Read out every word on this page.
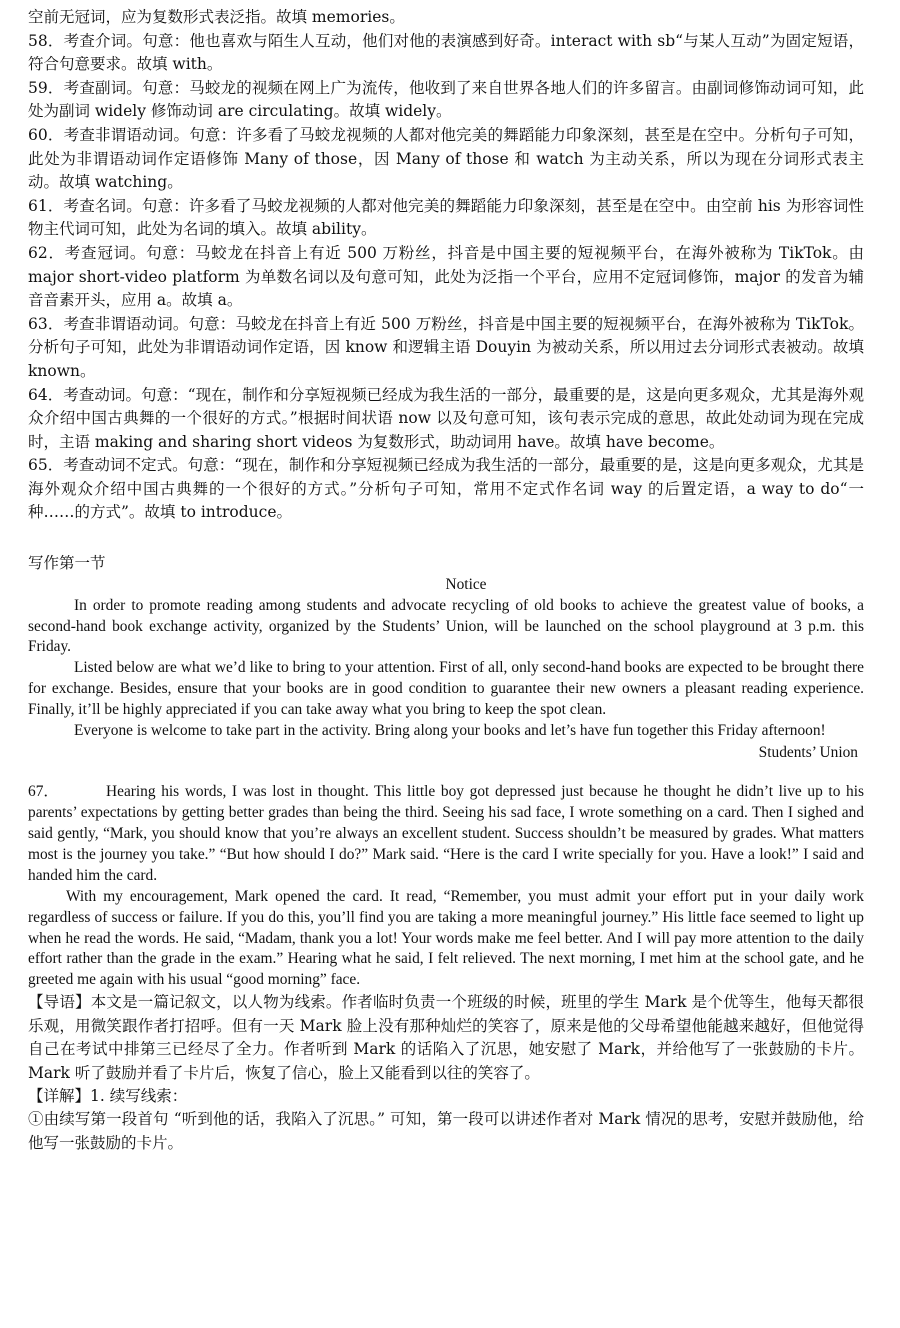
空前无冠词，应为复数形式表泛指。故填 memories。

58．考查介词。句意：他也喜欢与陌生人互动，他们对他的表演感到好奇。interact with sb“与某人互动”为固定短语，符合句意要求。故填 with。

59．考查副词。句意：马蛟龙的视频在网上广为流传，他收到了来自世界各地人们的许多留言。由副词修饰动词可知，此处为副词 widely 修饰动词 are circulating。故填 widely。

60．考查非谓语动词。句意：许多看了马蛟龙视频的人都对他完美的舞蹈能力印象深刻，甚至是在空中。分析句子可知，此处为非谓语动词作定语修饰 Many of those，因 Many of those 和 watch 为主动关系，所以为现在分词形式表主动。故填 watching。

61．考查名词。句意：许多看了马蛟龙视频的人都对他完美的舞蹈能力印象深刻，甚至是在空中。由空前 his 为形容词性物主代词可知，此处为名词的填入。故填 ability。

62．考查冠词。句意：马蛟龙在抖音上有近 500 万粉丝，抖音是中国主要的短视频平台，在海外被称为 TikTok。由 major short-video platform 为单数名词以及句意可知，此处为泛指一个平台，应用不定冠词修饰，major 的发音为辅音音素开头，应用 a。故填 a。

63．考查非谓语动词。句意：马蛟龙在抖音上有近 500 万粉丝，抖音是中国主要的短视频平台，在海外被称为 TikTok。分析句子可知，此处为非谓语动词作定语，因 know 和逻辑主语 Douyin 为被动关系，所以用过去分词形式表被动。故填 known。

64．考查动词。句意：“现在，制作和分享短视频已经成为我生活的一部分，最重要的是，这是向更多观众，尤其是海外观众介绍中国古典舞的一个很好的方式。”根据时间状语 now 以及句意可知，该句表示完成的意思，故此处动词为现在完成时，主语 making and sharing short videos 为复数形式，助动词用 have。故填 have become。

65．考查动词不定式。句意：“现在，制作和分享短视频已经成为我生活的一部分，最重要的是，这是向更多观众，尤其是海外观众介绍中国古典舞的一个很好的方式。”分析句子可知，常用不定式作名词 way 的后置定语，a way to do“一种……的方式”。故填 to introduce。

写作第一节

Notice

In order to promote reading among students and advocate recycling of old books to achieve the greatest value of books, a second-hand book exchange activity, organized by the Students’ Union, will be launched on the school playground at 3 p.m. this Friday.

Listed below are what we’d like to bring to your attention. First of all, only second-hand books are expected to be brought there for exchange. Besides, ensure that your books are in good condition to guarantee their new owners a pleasant reading experience. Finally, it’ll be highly appreciated if you can take away what you bring to keep the spot clean.

Everyone is welcome to take part in the activity. Bring along your books and let’s have fun together this Friday afternoon!

Students’ Union

67．	Hearing his words, I was lost in thought. This little boy got depressed just because he thought he didn’t live up to his parents’ expectations by getting better grades than being the third. Seeing his sad face, I wrote something on a card. Then I sighed and said gently, “Mark, you should know that you’re always an excellent student. Success shouldn’t be measured by grades. What matters most is the journey you take.” “But how should I do?” Mark said. “Here is the card I write specially for you. Have a look!” I said and handed him the card.

With my encouragement, Mark opened the card. It read, “Remember, you must admit your effort put in your daily work regardless of success or failure. If you do this, you’ll find you are taking a more meaningful journey.” His little face seemed to light up when he read the words. He said, “Madam, thank you a lot! Your words make me feel better. And I will pay more attention to the daily effort rather than the grade in the exam.” Hearing what he said, I felt relieved. The next morning, I met him at the school gate, and he greeted me again with his usual “good morning” face.

【导语】本文是一篇记叙文，以人物为线索。作者临时负责一个班级的时候，班里的学生 Mark 是个优等生，他每天都很乐观，用微笑跟作者打招呼。但有一天 Mark 脸上没有那种灿烂的笑容了，原来是他的父母希望他能越来越好，但他觉得自己在考试中排第三已经尽了全力。作者听到 Mark 的话陷入了沉思，她安慰了 Mark，并给他写了一张鼓励的卡片。Mark 听了鼓励并看了卡片后，恢复了信心，脸上又能看到以往的笑容了。

【详解】1. 续写线索：

①由续写第一段首句 “听到他的话，我陷入了沉思。” 可知，第一段可以讲述作者对 Mark 情况的思考，安慰并鼓励他，给他写一张鼓励的卡片。
